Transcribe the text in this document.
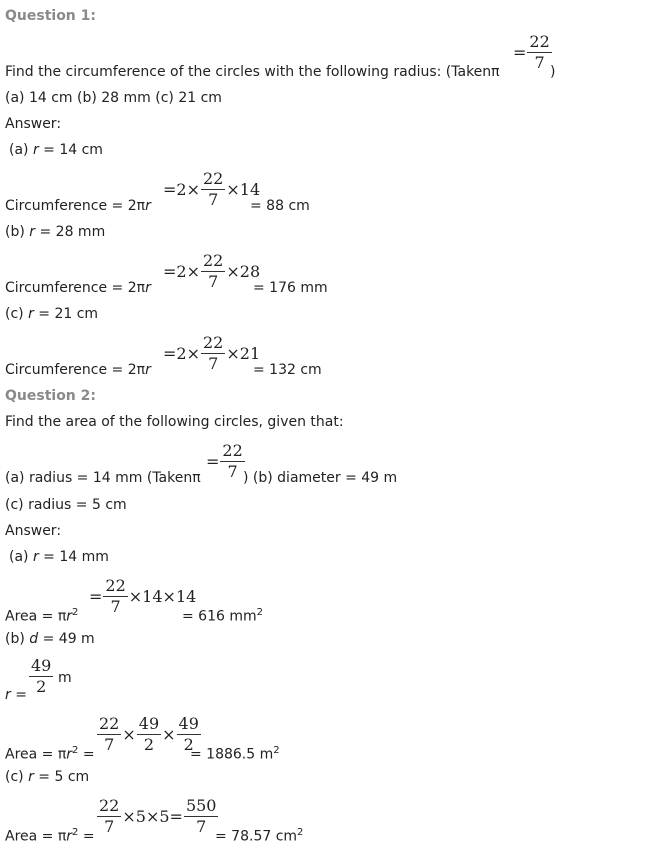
Question 1:
= $\frac{22}{7}$
Find the circumference of the circles with the following radius: (Takenπ	)
(a) 14 cm (b) 28 mm (c) 21 cm
Answer:
(a) r = 14 cm
$=2\times \frac{22}{7} \times 14$
Circumference = 2πr	= 88 cm
(b) r = 28 mm
$=2\times \frac{22}{7} \times 28$
Circumference = 2πr	= 176 mm
(c) r = 21 cm
$=2\times \frac{22}{7} \times 21$
Circumference = 2πr	= 132 cm
Question 2:
Find the area of the following circles, given that:
= $\frac{22}{7}$
(a) radius = 14 mm (Takenπ	) (b) diameter = 49 m
(c) radius = 5 cm
Answer:
(a) r = 14 mm
= $\frac{22}{7} \times 14\times 14$
Area = $\pi r^2$	= 616 $mm^2$
(b) d = 49 m
$\frac{49}{2}$ m
r =
$\frac{22}{7} \times \frac{49}{2} \times \frac{49}{2}$
Area = $\pi r^2$ =	= 1886.5 $m^2$
(c) r = 5 cm
$\frac{22}{7} \times 5\times 5= \frac{550}{7}$
Area = $\pi r^2$ =	= 78.57 $cm^2$
